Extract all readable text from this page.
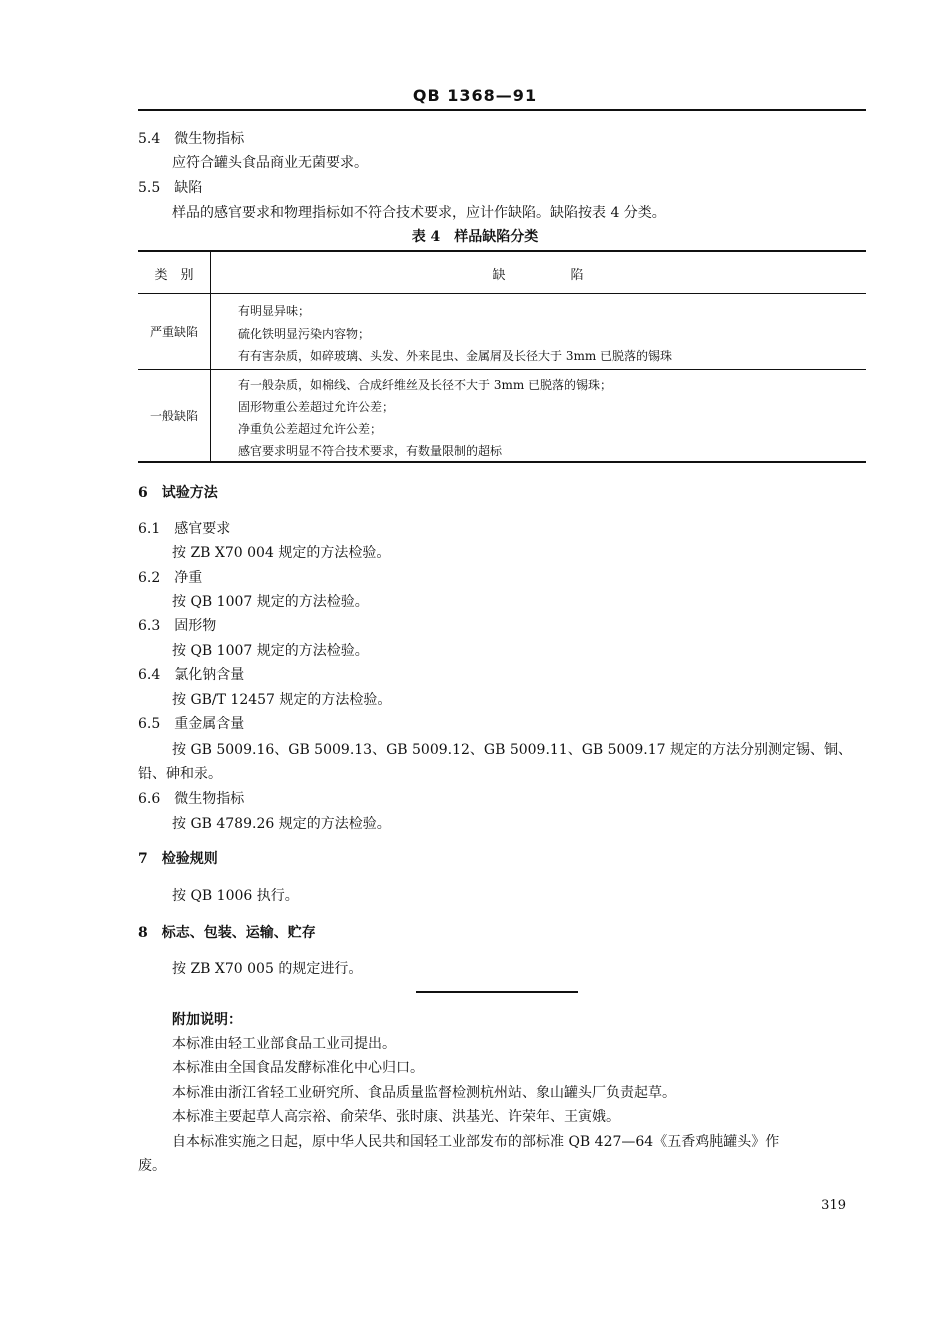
QB 1368—91
5.4 微生物指标
应符合罐头食品商业无菌要求。
5.5 缺陷
样品的感官要求和物理指标如不符合技术要求，应计作缺陷。缺陷按表 4 分类。
表 4　样品缺陷分类
类　别	缺　　　　　陷
严重缺陷
有明显异味；
硫化铁明显污染内容物；
有有害杂质，如碎玻璃、头发、外来昆虫、金属屑及长径大于 3mm 已脱落的锡珠
一般缺陷
有一般杂质，如棉线、合成纤维丝及长径不大于 3mm 已脱落的锡珠；
固形物重公差超过允许公差；
净重负公差超过允许公差；
感官要求明显不符合技术要求，有数量限制的超标
6 试验方法
6.1 感官要求
按 ZB X70 004 规定的方法检验。
6.2 净重
按 QB 1007 规定的方法检验。
6.3 固形物
按 QB 1007 规定的方法检验。
6.4 氯化钠含量
按 GB/T 12457 规定的方法检验。
6.5 重金属含量
按 GB 5009.16、GB 5009.13、GB 5009.12、GB 5009.11、GB 5009.17 规定的方法分别测定锡、铜、
铅、砷和汞。
6.6 微生物指标
按 GB 4789.26 规定的方法检验。
7 检验规则
按 QB 1006 执行。
8 标志、包装、运输、贮存
按 ZB X70 005 的规定进行。
附加说明：
本标准由轻工业部食品工业司提出。
本标准由全国食品发酵标准化中心归口。
本标准由浙江省轻工业研究所、食品质量监督检测杭州站、象山罐头厂负责起草。
本标准主要起草人高宗裕、俞荣华、张时康、洪基光、许荣年、王寅娥。
自本标准实施之日起，原中华人民共和国轻工业部发布的部标准 QB 427—64《五香鸡肫罐头》作
废。
319
